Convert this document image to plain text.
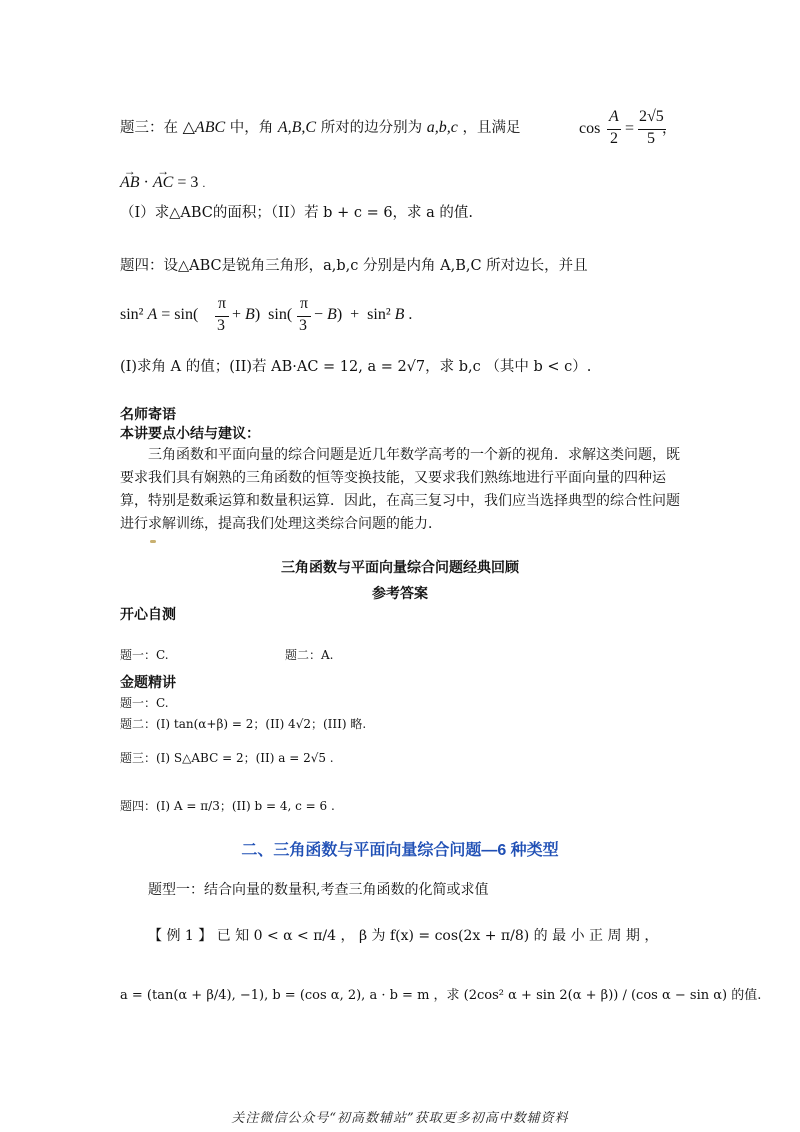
题三：在 △ABC 中，角 A,B,C 所对的边分别为 a,b,c ，且满足	cos
A
2
=
2√5
5
，
→ AB · → AC = 3 .
（I）求△ABC的面积；（II）若 b + c = 6，求 a 的值.
题四：设△ABC是锐角三角形，a,b,c 分别是内角 A,B,C 所对边长，并且
sin² A = sin(
π
3
+ B)  sin(
π
3
− B)  +  sin² B .
(I)求角 A 的值；(II)若 AB·AC = 12, a = 2√7，求 b,c （其中 b < c）.
名师寄语
本讲要点小结与建议：
三角函数和平面向量的综合问题是近几年数学高考的一个新的视角．求解这类问题，既要求我们具有娴熟的三角函数的恒等变换技能，又要求我们熟练地进行平面向量的四种运算，特别是数乘运算和数量积运算．因此，在高三复习中，我们应当选择典型的综合性问题进行求解训练，提高我们处理这类综合问题的能力．
三角函数与平面向量综合问题经典回顾
参考答案
开心自测
题一：C.	题二：A.
金题精讲
题一：C.
题二：(I) tan(α+β) = 2；(II) 4√2；(III) 略.
题三：(I) S△ABC = 2；(II) a = 2√5 .
题四：(I) A = π/3；(II) b = 4, c = 6 .
二、三角函数与平面向量综合问题—6 种类型
题型一：结合向量的数量积,考查三角函数的化简或求值
【 例 1 】 已 知 0 < α < π/4 ， β 为 f(x) = cos(2x + π/8) 的 最 小 正 周 期 ，
a = (tan(α + β/4), −1), b = (cos α, 2), a · b = m ，求 (2cos² α + sin 2(α + β)) / (cos α − sin α) 的值.
关注微信公众号“初高数辅站”获取更多初高中数辅资料
